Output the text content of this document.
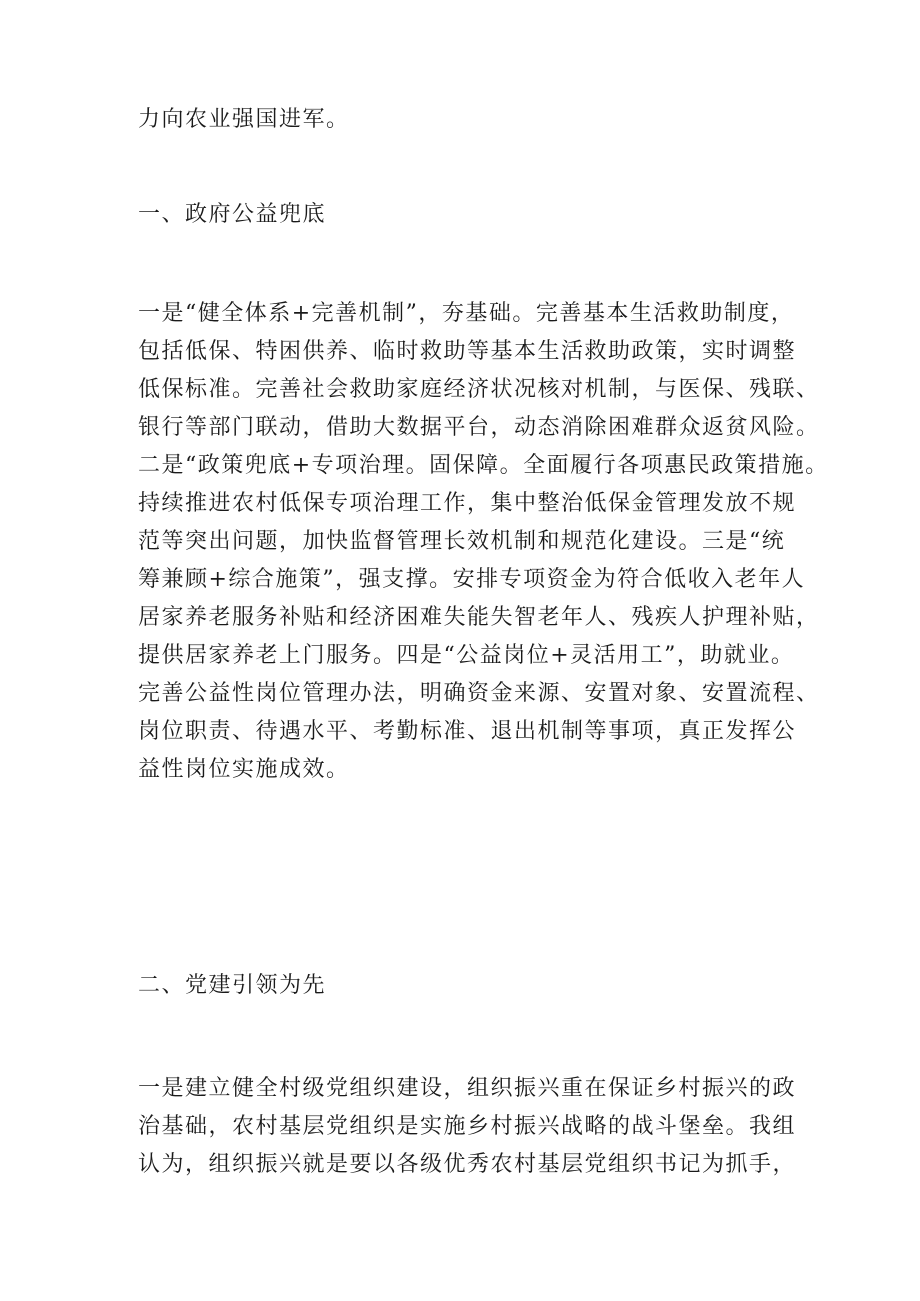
力向农业强国进军。

一、政府公益兜底

一是“健全体系+完善机制”，夯基础。完善基本生活救助制度，
包括低保、特困供养、临时救助等基本生活救助政策，实时调整
低保标准。完善社会救助家庭经济状况核对机制，与医保、残联、
银行等部门联动，借助大数据平台，动态消除困难群众返贫风险。
二是“政策兜底+专项治理。固保障。全面履行各项惠民政策措施。
持续推进农村低保专项治理工作，集中整治低保金管理发放不规
范等突出问题，加快监督管理长效机制和规范化建设。三是“统
筹兼顾+综合施策”，强支撑。安排专项资金为符合低收入老年人
居家养老服务补贴和经济困难失能失智老年人、残疾人护理补贴，
提供居家养老上门服务。四是“公益岗位+灵活用工”，助就业。
完善公益性岗位管理办法，明确资金来源、安置对象、安置流程、
岗位职责、待遇水平、考勤标准、退出机制等事项，真正发挥公
益性岗位实施成效。

二、党建引领为先

一是建立健全村级党组织建设，组织振兴重在保证乡村振兴的政
治基础，农村基层党组织是实施乡村振兴战略的战斗堡垒。我组
认为，组织振兴就是要以各级优秀农村基层党组织书记为抓手，
